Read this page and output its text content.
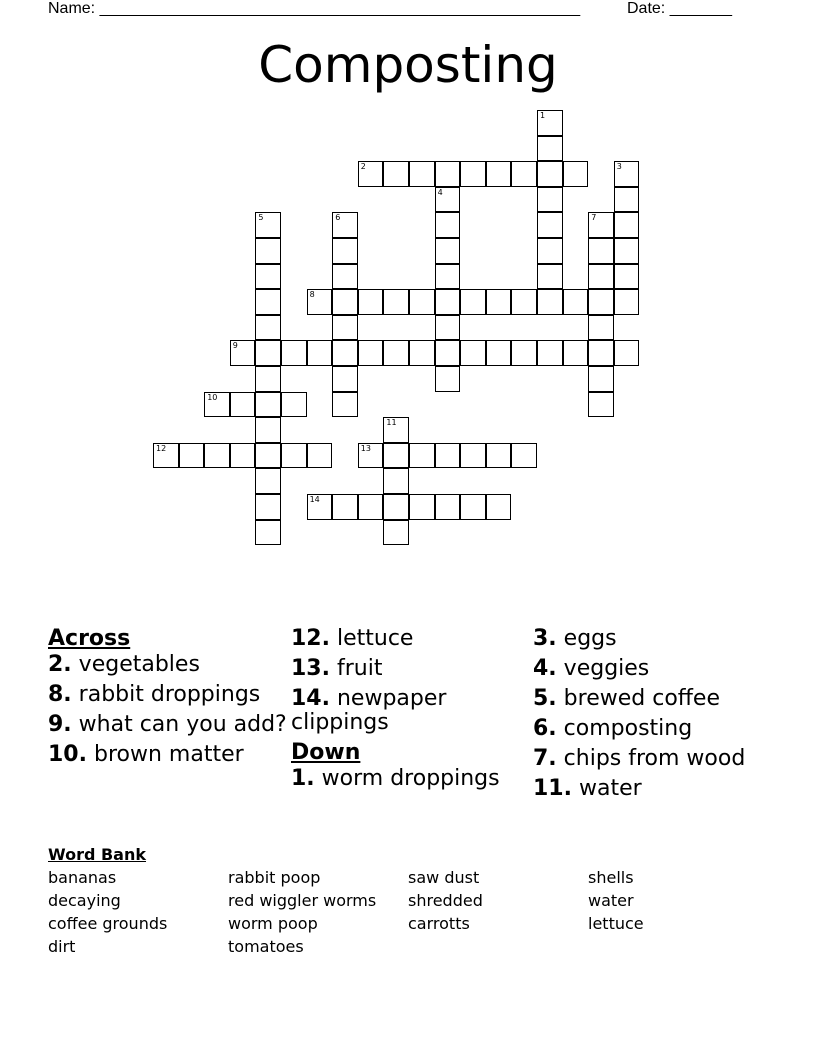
Name: ______________________________________________________

	Date: _______

Composting
2
8
9
10
12	13
14
1
3
4
5	6	7
11
Across
2. vegetables
8. rabbit droppings
9. what can you add?
10. brown matter
12. lettuce
13. fruit
14. newpaper clippings
Down
1. worm droppings
3. eggs
4. veggies
5. brewed coffee
6. composting
7. chips from wood
11. water
Word Bank
bananas
decaying
coffee grounds
dirt
rabbit poop
red wiggler worms
worm poop
tomatoes
saw dust
shredded
carrotts
shells
water
lettuce
